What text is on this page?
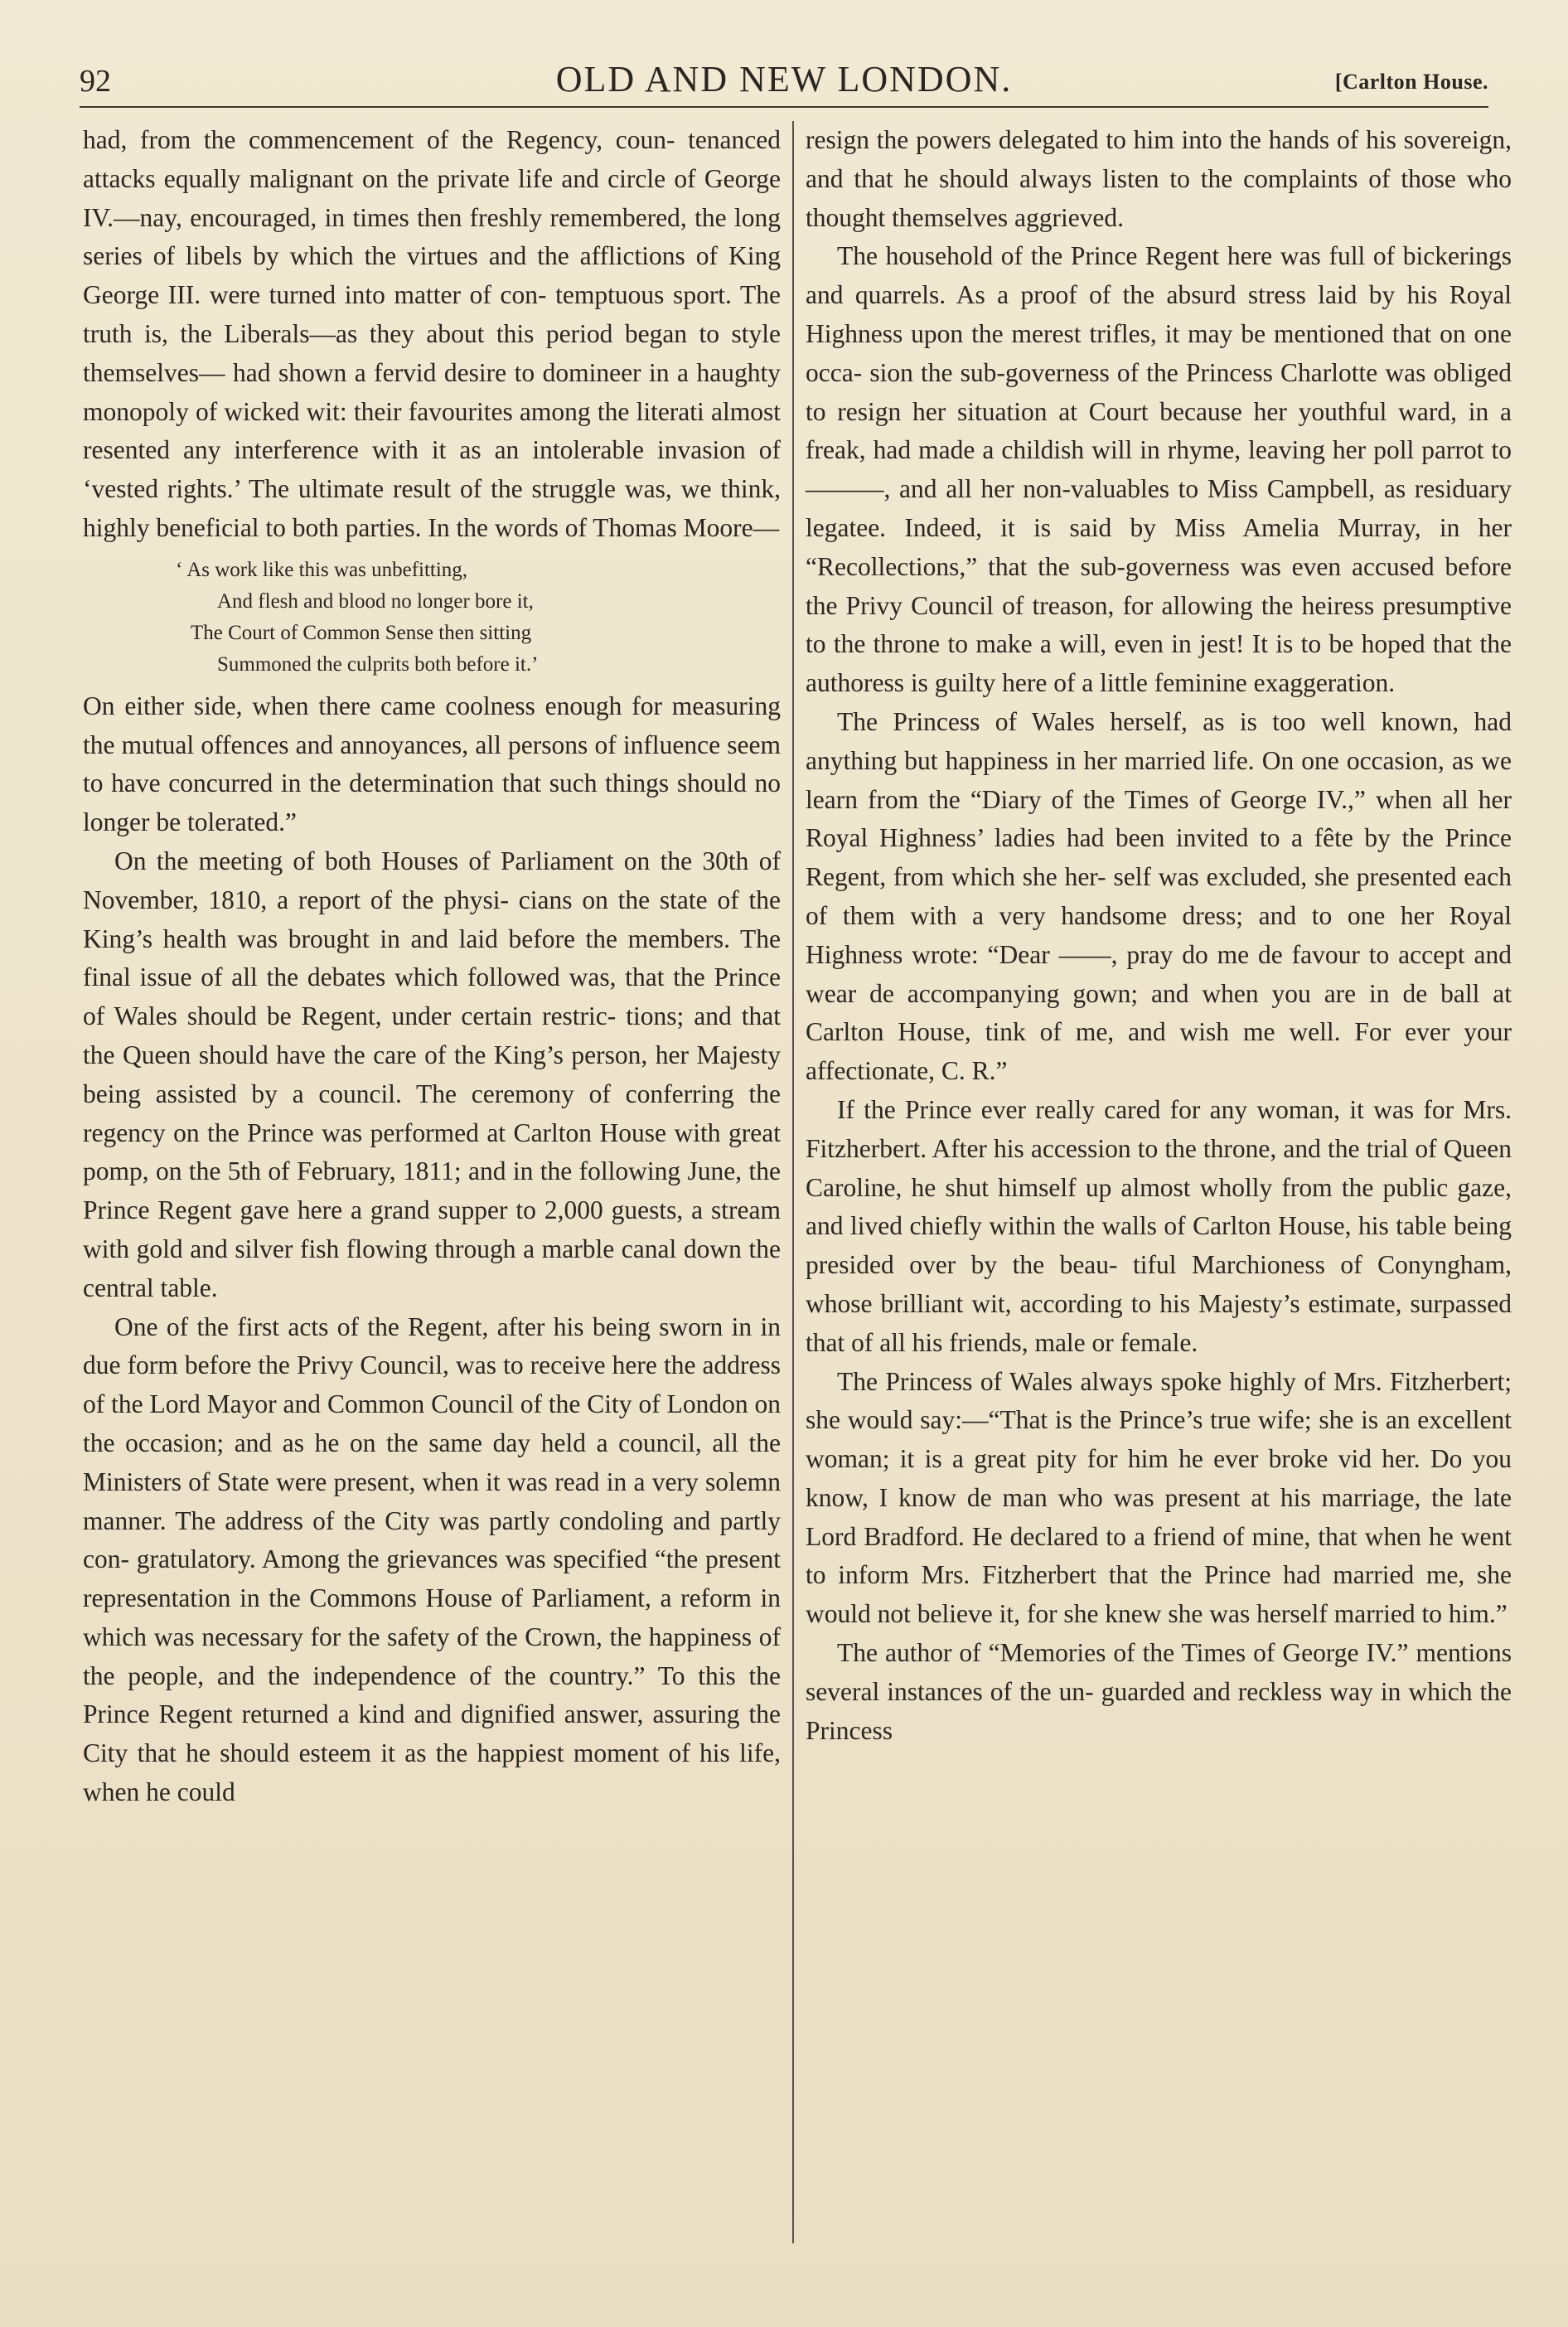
92	OLD AND NEW LONDON.	[Carlton House.

had, from the commencement of the Regency, coun- tenanced attacks equally malignant on the private life and circle of George IV.—nay, encouraged, in times then freshly remembered, the long series of libels by which the virtues and the afflictions of King George III. were turned into matter of con- temptuous sport. The truth is, the Liberals—as they about this period began to style themselves— had shown a fervid desire to domineer in a haughty monopoly of wicked wit: their favourites among the literati almost resented any interference with it as an intolerable invasion of ‘vested rights.’ The ultimate result of the struggle was, we think, highly beneficial to both parties. In the words of Thomas Moore—

‘ As work like this was unbefitting,
And flesh and blood no longer bore it,
The Court of Common Sense then sitting
Summoned the culprits both before it.’

On either side, when there came coolness enough for measuring the mutual offences and annoyances, all persons of influence seem to have concurred in the determination that such things should no longer be tolerated.”

On the meeting of both Houses of Parliament on the 30th of November, 1810, a report of the physi- cians on the state of the King’s health was brought in and laid before the members. The final issue of all the debates which followed was, that the Prince of Wales should be Regent, under certain restric- tions; and that the Queen should have the care of the King’s person, her Majesty being assisted by a council. The ceremony of conferring the regency on the Prince was performed at Carlton House with great pomp, on the 5th of February, 1811; and in the following June, the Prince Regent gave here a grand supper to 2,000 guests, a stream with gold and silver fish flowing through a marble canal down the central table.

One of the first acts of the Regent, after his being sworn in in due form before the Privy Council, was to receive here the address of the Lord Mayor and Common Council of the City of London on the occasion; and as he on the same day held a council, all the Ministers of State were present, when it was read in a very solemn manner. The address of the City was partly condoling and partly con- gratulatory. Among the grievances was specified “the present representation in the Commons House of Parliament, a reform in which was necessary for the safety of the Crown, the happiness of the people, and the independence of the country.” To this the Prince Regent returned a kind and dignified answer, assuring the City that he should esteem it as the happiest moment of his life, when he could

resign the powers delegated to him into the hands of his sovereign, and that he should always listen to the complaints of those who thought themselves aggrieved.

The household of the Prince Regent here was full of bickerings and quarrels. As a proof of the absurd stress laid by his Royal Highness upon the merest trifles, it may be mentioned that on one occa- sion the sub-governess of the Princess Charlotte was obliged to resign her situation at Court because her youthful ward, in a freak, had made a childish will in rhyme, leaving her poll parrot to ———, and all her non-valuables to Miss Campbell, as residuary legatee. Indeed, it is said by Miss Amelia Murray, in her “Recollections,” that the sub-governess was even accused before the Privy Council of treason, for allowing the heiress presumptive to the throne to make a will, even in jest! It is to be hoped that the authoress is guilty here of a little feminine exaggeration.

The Princess of Wales herself, as is too well known, had anything but happiness in her married life. On one occasion, as we learn from the “Diary of the Times of George IV.,” when all her Royal Highness’ ladies had been invited to a fête by the Prince Regent, from which she her- self was excluded, she presented each of them with a very handsome dress; and to one her Royal Highness wrote: “Dear ——, pray do me de favour to accept and wear de accompanying gown; and when you are in de ball at Carlton House, tink of me, and wish me well. For ever your affectionate, C. R.”

If the Prince ever really cared for any woman, it was for Mrs. Fitzherbert. After his accession to the throne, and the trial of Queen Caroline, he shut himself up almost wholly from the public gaze, and lived chiefly within the walls of Carlton House, his table being presided over by the beau- tiful Marchioness of Conyngham, whose brilliant wit, according to his Majesty’s estimate, surpassed that of all his friends, male or female.

The Princess of Wales always spoke highly of Mrs. Fitzherbert; she would say:—“That is the Prince’s true wife; she is an excellent woman; it is a great pity for him he ever broke vid her. Do you know, I know de man who was present at his marriage, the late Lord Bradford. He declared to a friend of mine, that when he went to inform Mrs. Fitzherbert that the Prince had married me, she would not believe it, for she knew she was herself married to him.”

The author of “Memories of the Times of George IV.” mentions several instances of the un- guarded and reckless way in which the Princess
